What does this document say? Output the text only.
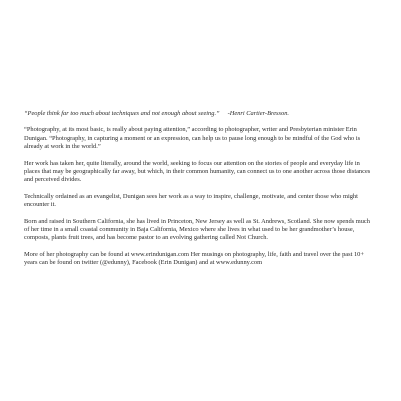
“People think far too much about techniques and not enough about seeing.” -Henri Cartier-Bresson.

“Photography, at its most basic, is really about paying attention,” according to photographer, writer and Presbyterian minister Erin Dunigan. “Photography, in capturing a moment or an expression, can help us to pause long enough to be mindful of the God who is already at work in the world.”

Her work has taken her, quite literally, around the world, seeking to focus our attention on the stories of people and everyday life in places that may be geographically far away, but which, in their common humanity, can connect us to one another across those distances and perceived divides.

Technically ordained as an evangelist, Dunigan sees her work as a way to inspire, challenge, motivate, and center those who might encounter it.

Born and raised in Southern California, she has lived in Princeton, New Jersey as well as St. Andrews, Scotland. She now spends much of her time in a small coastal community in Baja California, Mexico where she lives in what used to be her grandmother’s house, composts, plants fruit trees, and has become pastor to an evolving gathering called Not Church.

More of her photography can be found at www.erindunigan.com Her musings on photography, life, faith and travel over the past 10+ years can be found on twitter (@edunny), Facebook (Erin Dunigan) and at www.edunny.com
